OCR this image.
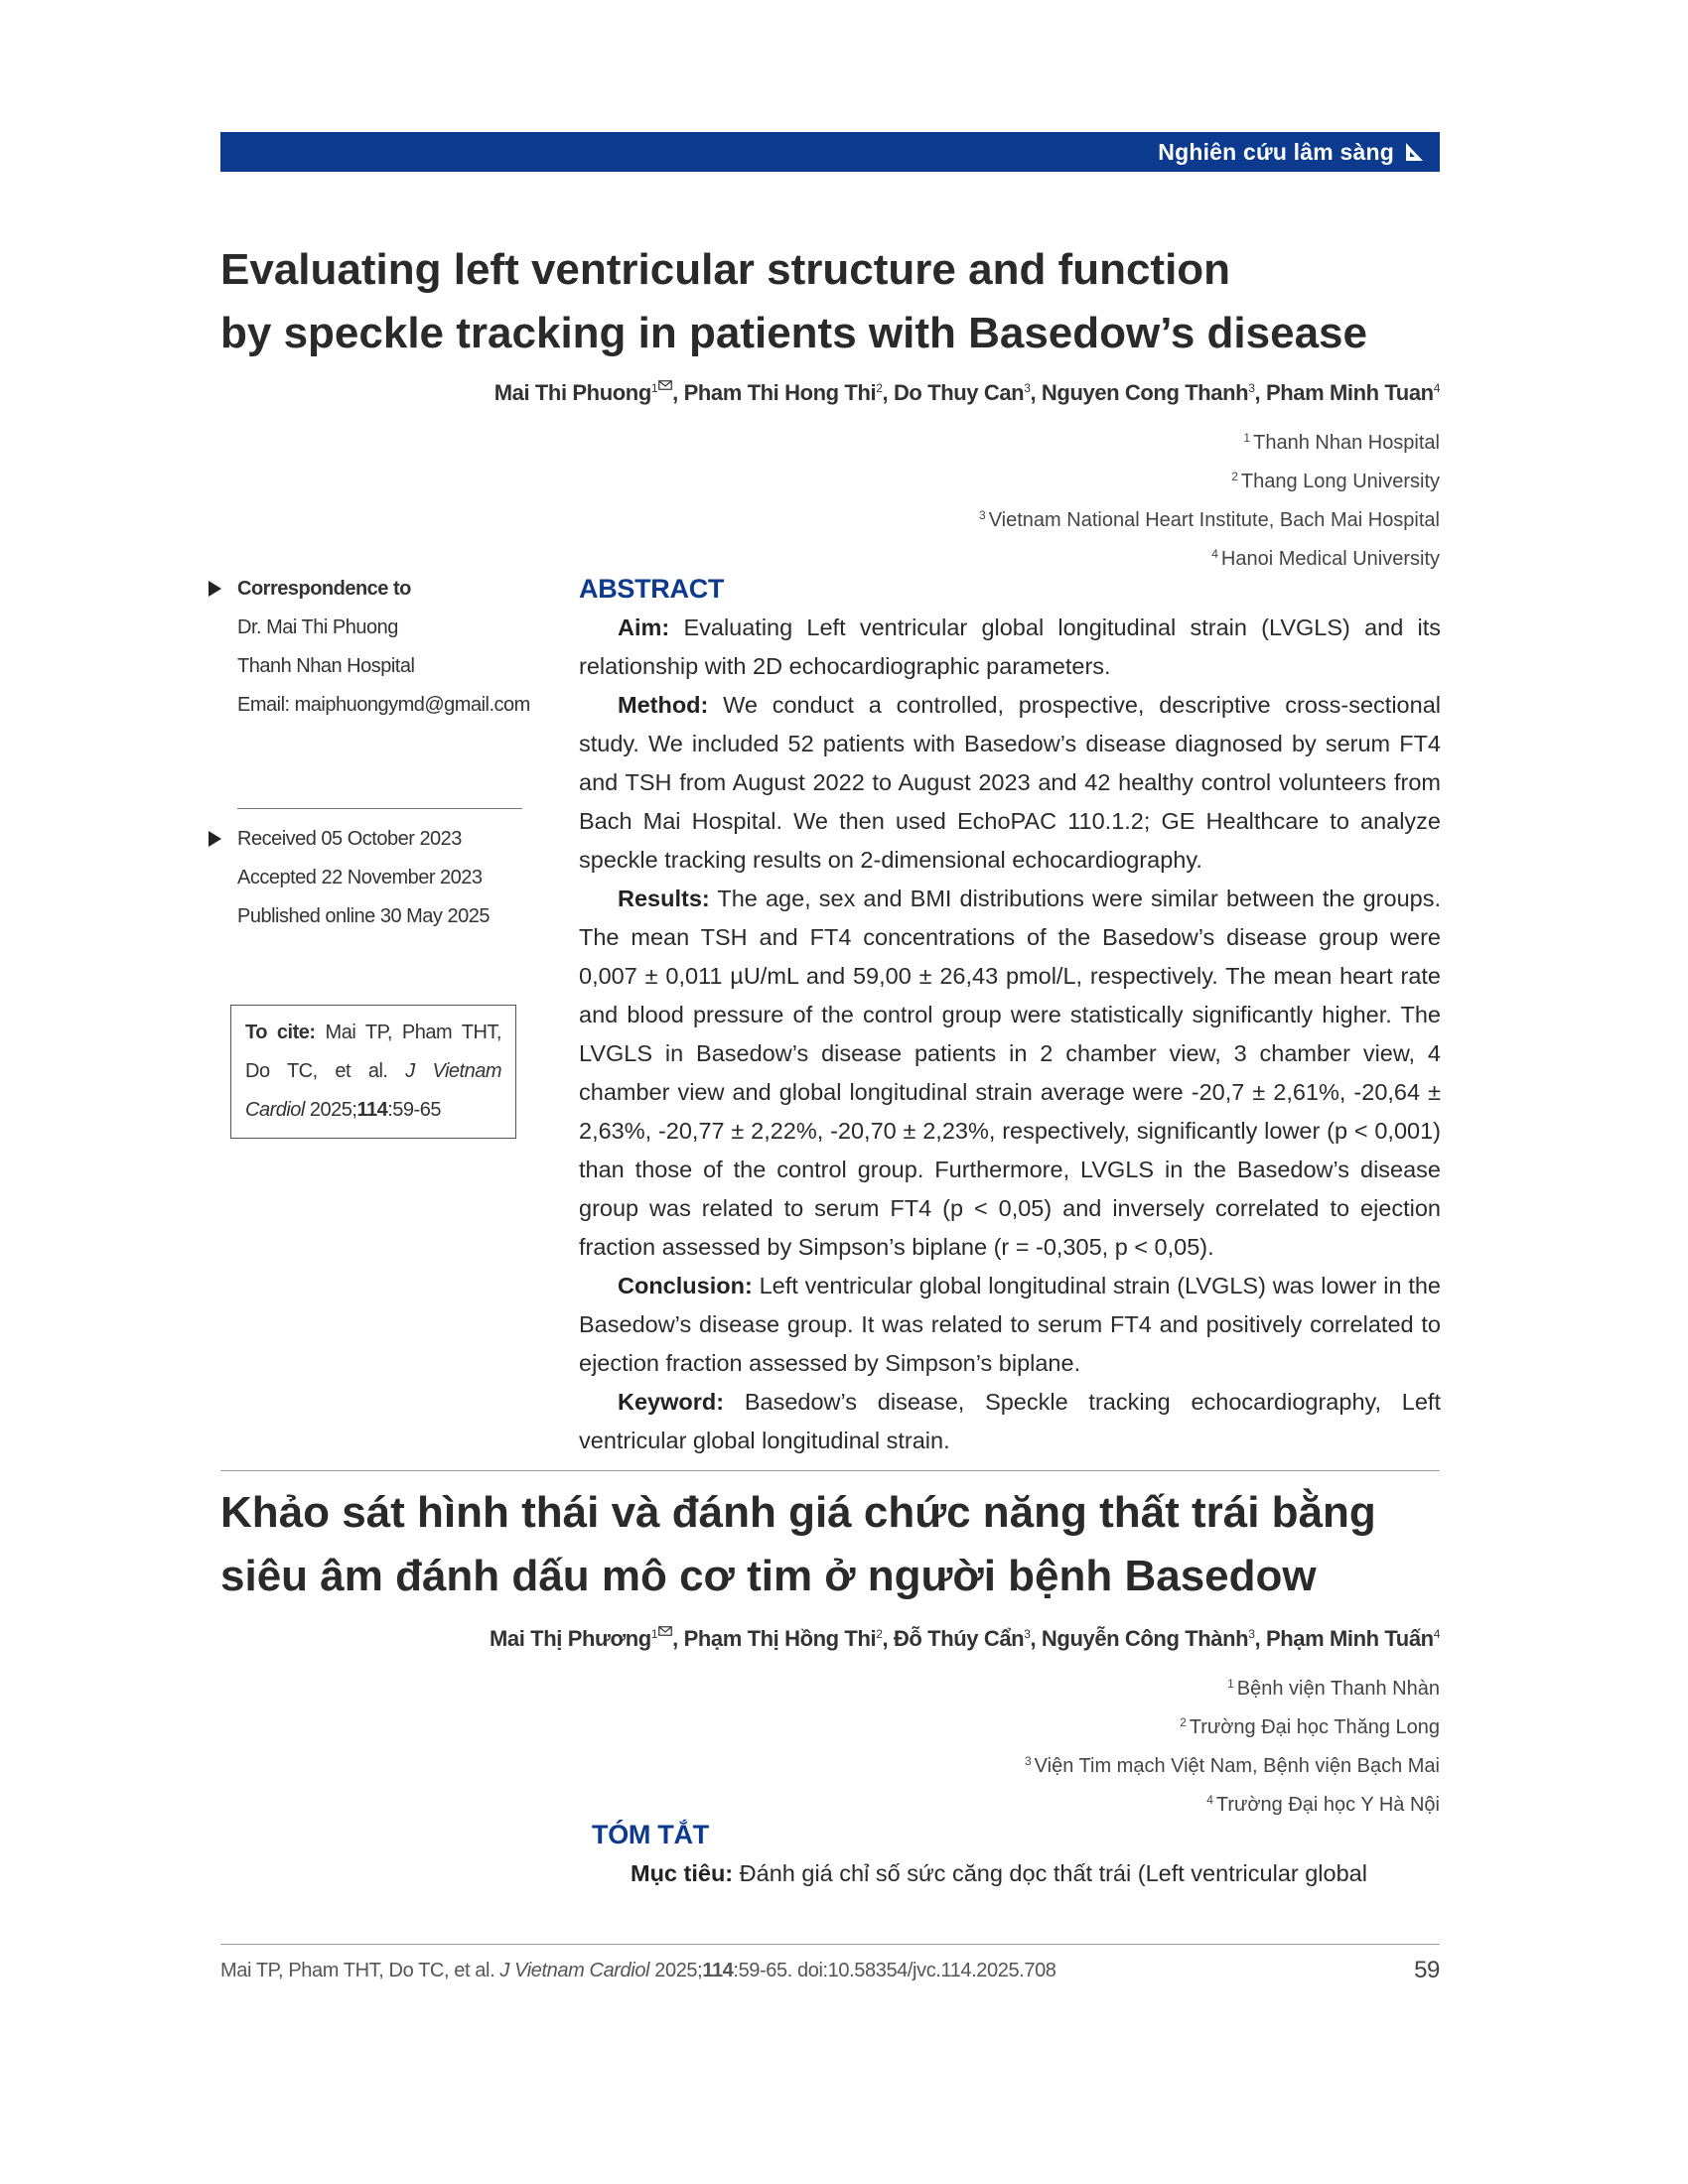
Nghiên cứu lâm sàng
Evaluating left ventricular structure and function
by speckle tracking in patients with Basedow’s disease
Mai Thi Phuong$^1$ , Pham Thi Hong Thi$^2$, Do Thuy Can$^3$, Nguyen Cong Thanh$^3$, Pham Minh Tuan$^4$
$^1$ Thanh Nhan Hospital
$^2$ Thang Long University
$^3$ Vietnam National Heart Institute, Bach Mai Hospital
$^4$ Hanoi Medical University
Correspondence to
Dr. Mai Thi Phuong
Thanh Nhan Hospital
Email: maiphuongymd@gmail.com
Received 05 October 2023
Accepted 22 November 2023
Published online 30 May 2025
To cite: Mai TP, Pham THT, Do TC, et al. J Vietnam Cardiol 2025;114:59-65
ABSTRACT

Aim: Evaluating Left ventricular global longitudinal strain (LVGLS) and its relationship with 2D echocardiographic parameters.

Method: We conduct a controlled, prospective, descriptive cross-sectional study. We included 52 patients with Basedow’s disease diagnosed by serum FT4 and TSH from August 2022 to August 2023 and 42 healthy control volunteers from Bach Mai Hospital. We then used EchoPAC 110.1.2; GE Healthcare to analyze speckle tracking results on 2-dimensional echocardiography.

Results: The age, sex and BMI distributions were similar between the groups. The mean TSH and FT4 concentrations of the Basedow’s disease group were 0,007 ± 0,011 µU/mL and 59,00 ± 26,43 pmol/L, respectively. The mean heart rate and blood pressure of the control group were statistically significantly higher. The LVGLS in Basedow’s disease patients in 2 chamber view, 3 chamber view, 4 chamber view and global longitudinal strain average were -20,7 ± 2,61%, -20,64 ± 2,63%, -20,77 ± 2,22%, -20,70 ± 2,23%, respectively, significantly lower (p < 0,001) than those of the control group. Furthermore, LVGLS in the Basedow’s disease group was related to serum FT4 (p < 0,05) and inversely correlated to ejection fraction assessed by Simpson’s biplane (r = -0,305, p < 0,05).

Conclusion: Left ventricular global longitudinal strain (LVGLS) was lower in the Basedow’s disease group. It was related to serum FT4 and positively correlated to ejection fraction assessed by Simpson’s biplane.

Keyword: Basedow’s disease, Speckle tracking echocardiography, Left ventricular global longitudinal strain.

Khảo sát hình thái và đánh giá chức năng thất trái bằng
siêu âm đánh dấu mô cơ tim ở người bệnh Basedow
Mai Thị Phương$^1$ , Phạm Thị Hồng Thi$^2$, Đỗ Thúy Cẩn$^3$, Nguyễn Công Thành$^3$, Phạm Minh Tuấn$^4$
$^1$ Bệnh viện Thanh Nhàn
$^2$ Trường Đại học Thăng Long
$^3$ Viện Tim mạch Việt Nam, Bệnh viện Bạch Mai
$^4$ Trường Đại học Y Hà Nội
TÓM TẮT

Mục tiêu: Đánh giá chỉ số sức căng dọc thất trái (Left ventricular global

Mai TP, Pham THT, Do TC, et al. J Vietnam Cardiol 2025;114:59-65. doi:10.58354/jvc.114.2025.708	59
